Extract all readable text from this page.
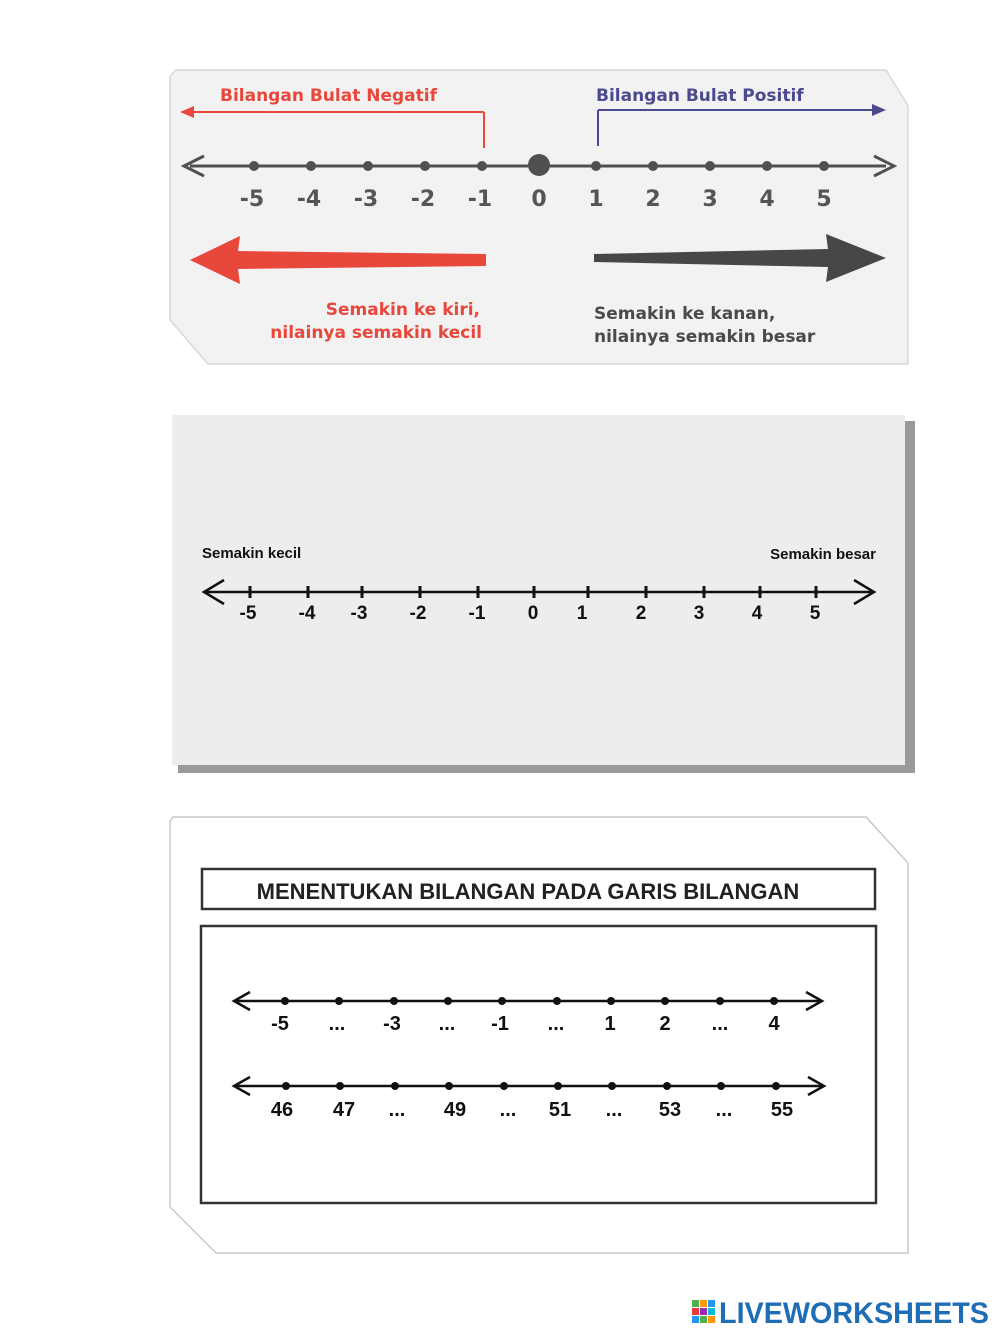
Bilangan Bulat Negatif	Bilangan Bulat Positif
-5 -4 -3 -2 -1 0 1 2 3 4 5
Semakin ke kiri,
nilainya semakin kecil
Semakin ke kanan,
nilainya semakin besar
Semakin kecil	Semakin besar
-5 -4 -3 -2 -1 0 1	2 3 4 5
MENENTUKAN BILANGAN PADA GARIS BILANGAN
-5 ... -3 ... -1 ... 1 2 ... 4
46 47 ... 49 ... 51 ... 53 ... 55
LIVEWORKSHEETS
